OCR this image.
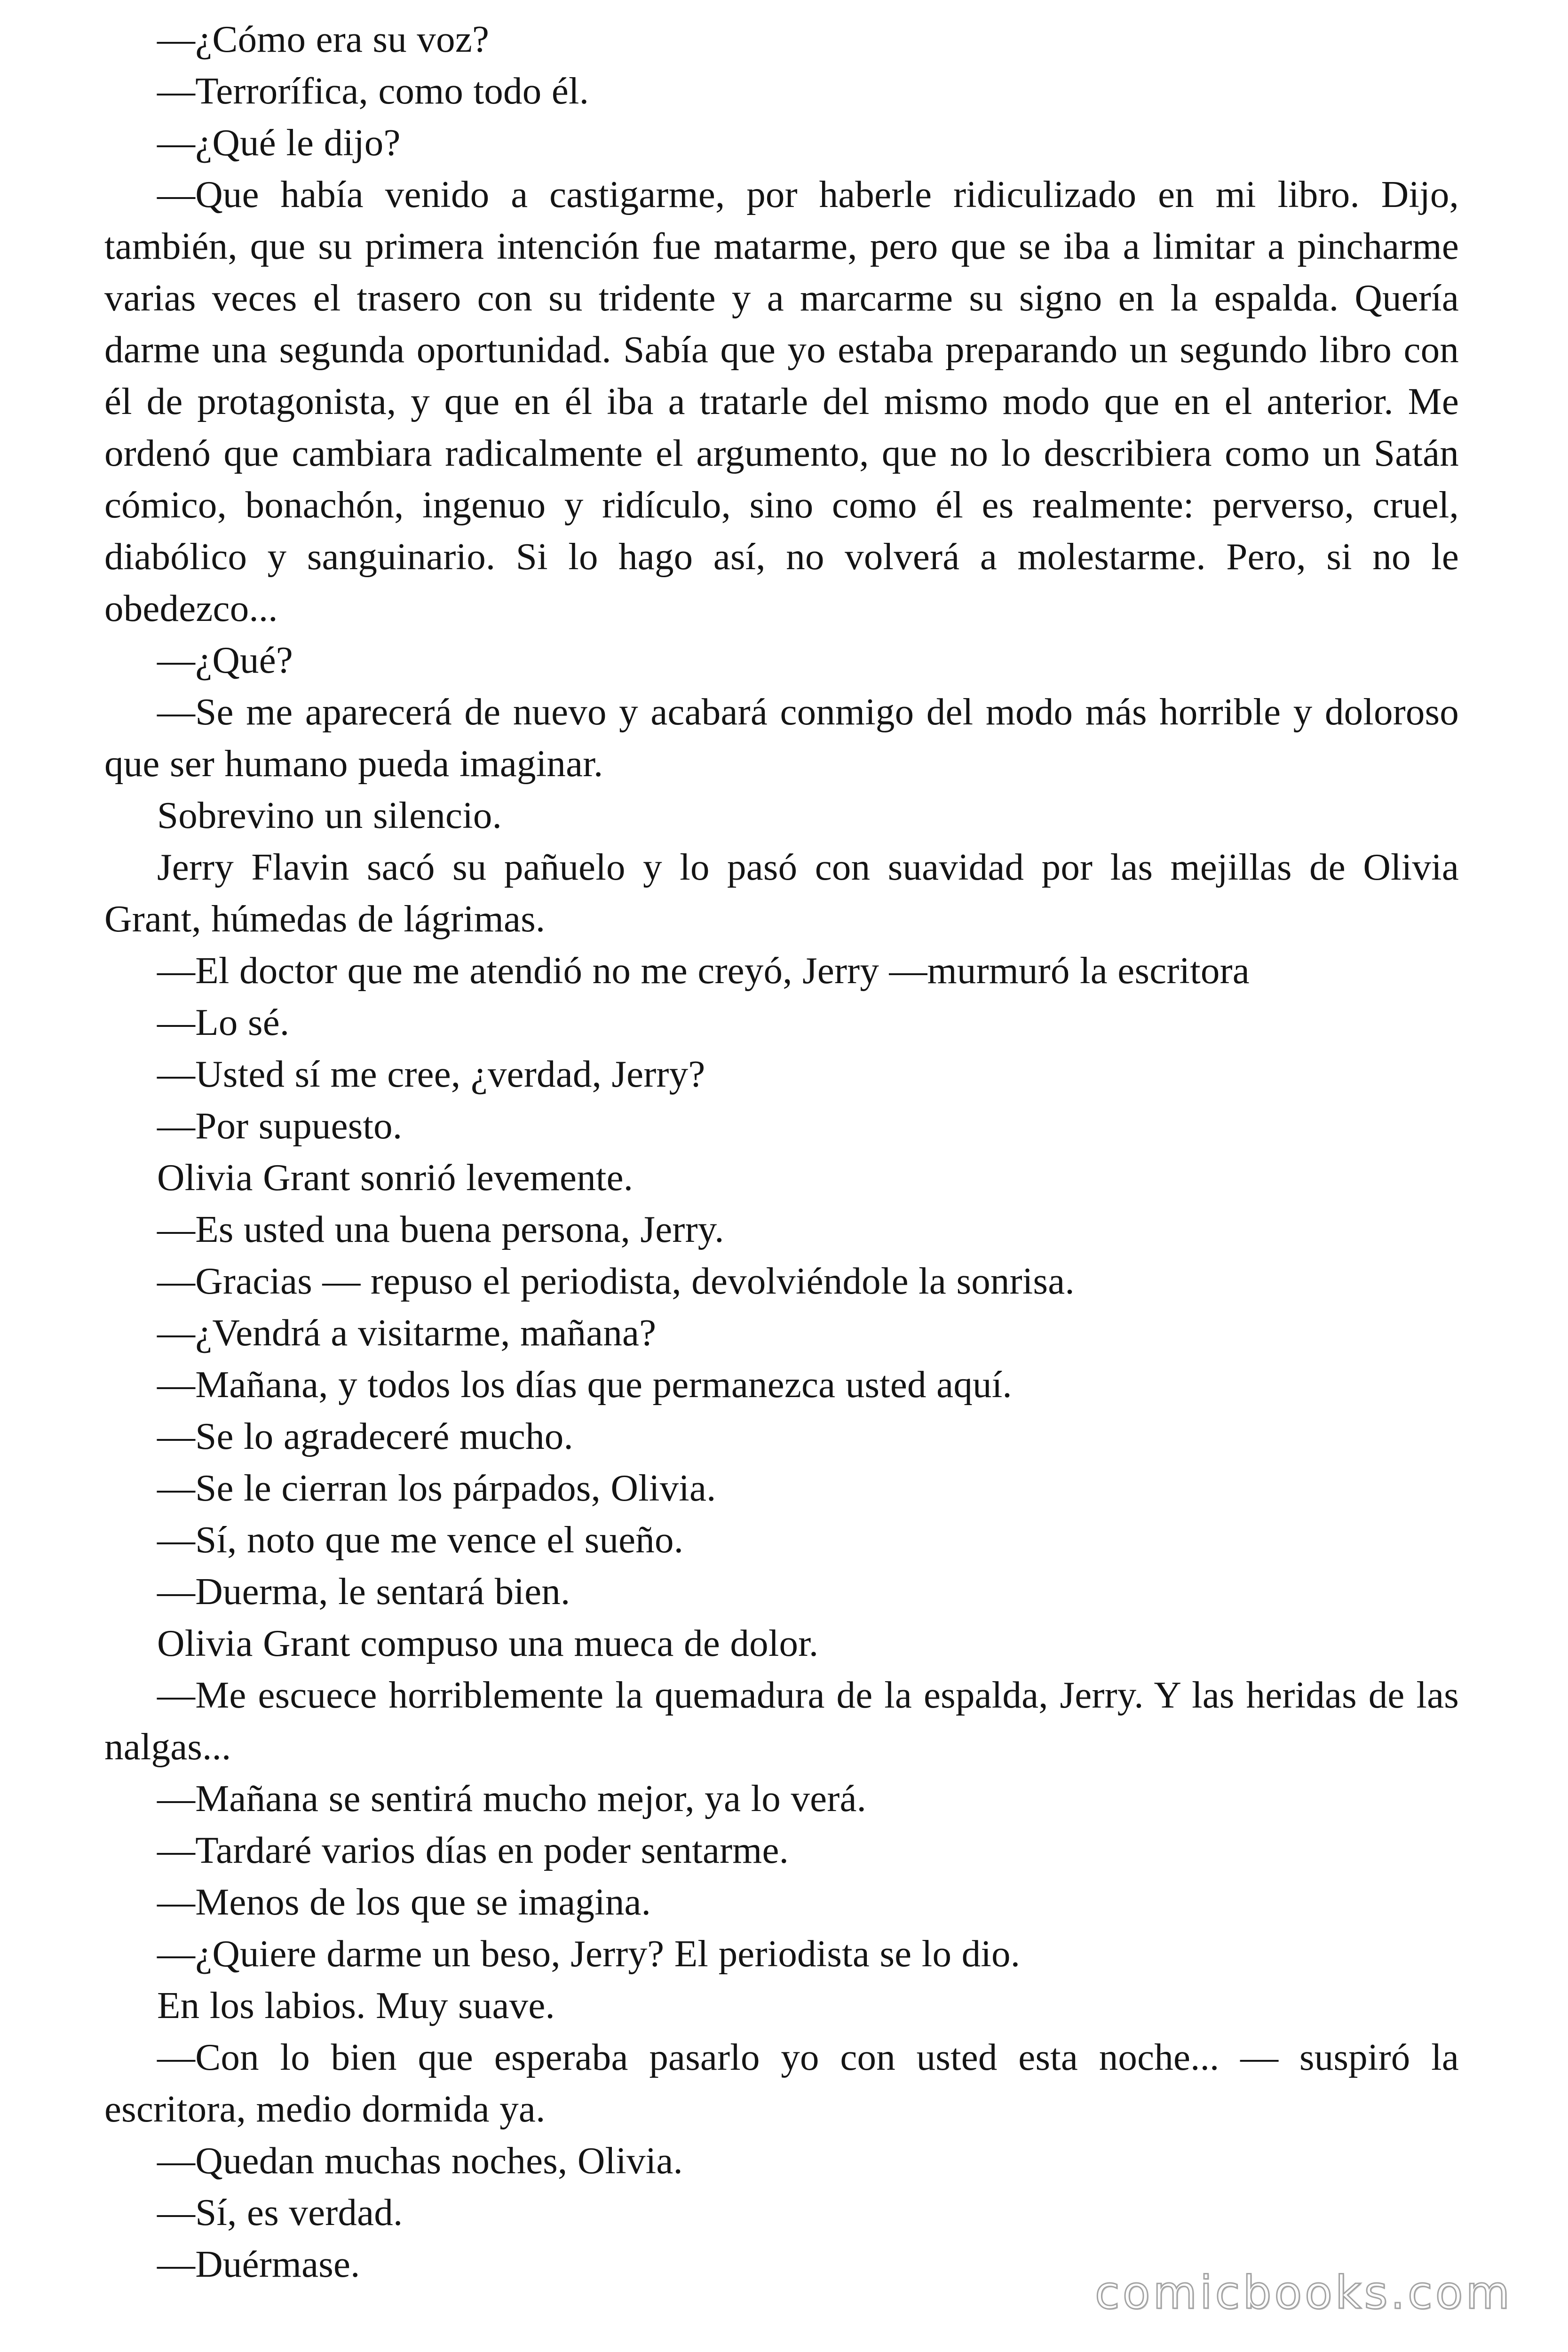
—¿Cómo era su voz?

—Terrorífica, como todo él.

—¿Qué le dijo?

—Que había venido a castigarme, por haberle ridiculizado en mi libro. Dijo, también, que su primera intención fue matarme, pero que se iba a limitar a pincharme varias veces el trasero con su tridente y a marcarme su signo en la espalda. Quería darme una segunda oportunidad. Sabía que yo estaba preparando un segundo libro con él de protagonista, y que en él iba a tratarle del mismo modo que en el anterior. Me ordenó que cambiara radicalmente el argumento, que no lo describiera como un Satán cómico, bonachón, ingenuo y ridículo, sino como él es realmente: perverso, cruel, diabólico y sanguinario. Si lo hago así, no volverá a molestarme. Pero, si no le obedezco...

—¿Qué?

—Se me aparecerá de nuevo y acabará conmigo del modo más horrible y doloroso que ser humano pueda imaginar.

Sobrevino un silencio.

Jerry Flavin sacó su pañuelo y lo pasó con suavidad por las mejillas de Olivia Grant, húmedas de lágrimas.

—El doctor que me atendió no me creyó, Jerry —murmuró la escritora

—Lo sé.

—Usted sí me cree, ¿verdad, Jerry?

—Por supuesto.

Olivia Grant sonrió levemente.

—Es usted una buena persona, Jerry.

—Gracias — repuso el periodista, devolviéndole la sonrisa.

—¿Vendrá a visitarme, mañana?

—Mañana, y todos los días que permanezca usted aquí.

—Se lo agradeceré mucho.

—Se le cierran los párpados, Olivia.

—Sí, noto que me vence el sueño.

—Duerma, le sentará bien.

Olivia Grant compuso una mueca de dolor.

—Me escuece horriblemente la quemadura de la espalda, Jerry. Y las heridas de las nalgas...

—Mañana se sentirá mucho mejor, ya lo verá.

—Tardaré varios días en poder sentarme.

—Menos de los que se imagina.

—¿Quiere darme un beso, Jerry? El periodista se lo dio.

En los labios. Muy suave.

—Con lo bien que esperaba pasarlo yo con usted esta noche... — suspiró la escritora, medio dormida ya.

—Quedan muchas noches, Olivia.

—Sí, es verdad.

—Duérmase.

comicbooks.com
